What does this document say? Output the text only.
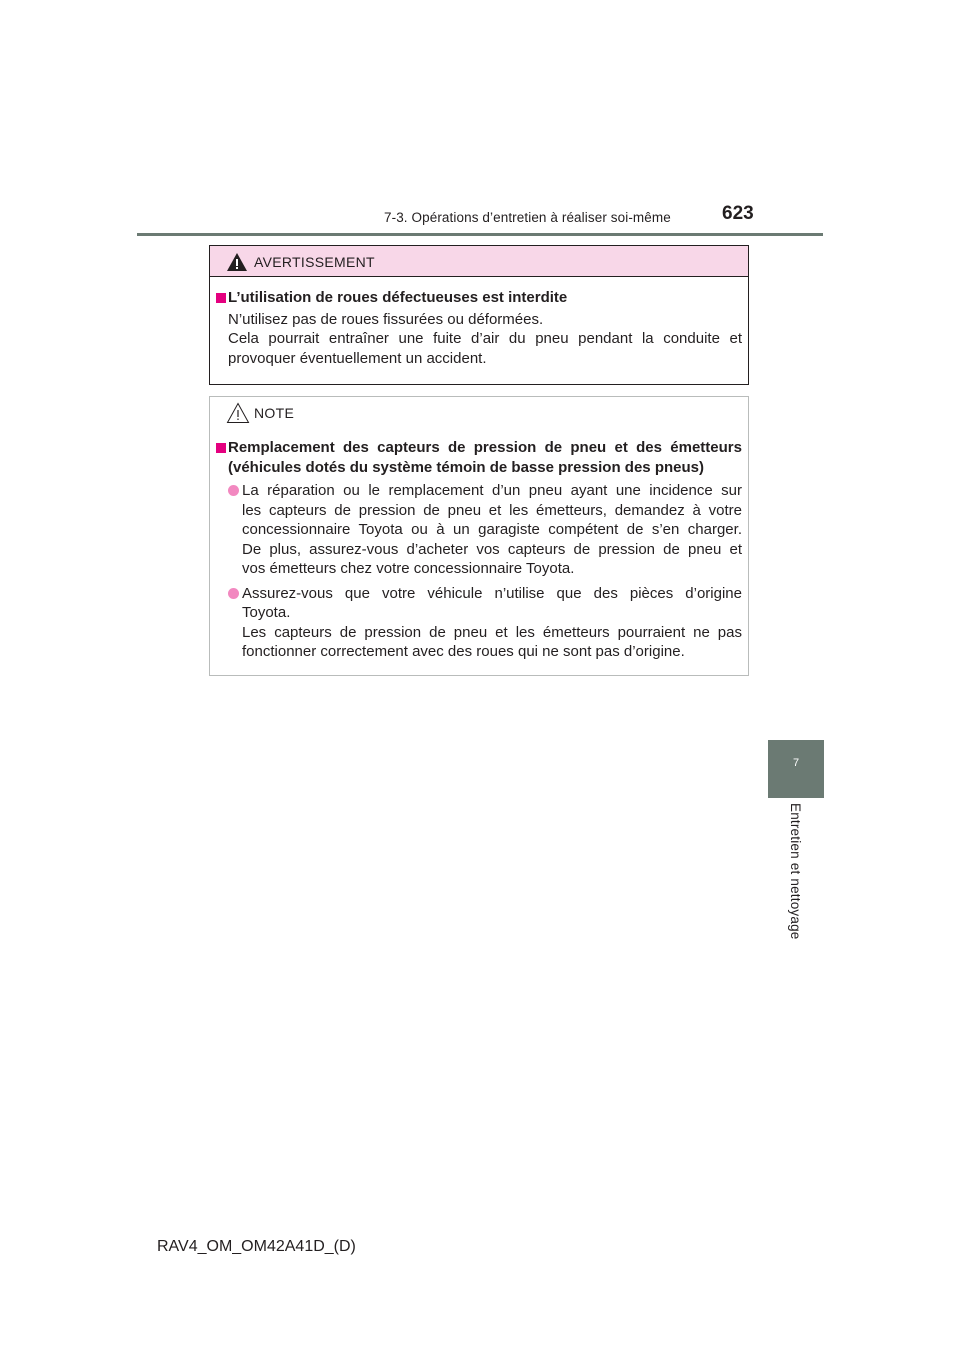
7-3. Opérations d’entretien à réaliser soi-même	623
7
Entretien et nettoyage
AVERTISSEMENT
L’utilisation de roues défectueuses est interdite
N’utilisez pas de roues fissurées ou déformées.
Cela pourrait entraîner une fuite d’air du pneu pendant la conduite et
provoquer éventuellement un accident.
NOTE
Remplacement des capteurs de pression de pneu et des émetteurs
(véhicules dotés du système témoin de basse pression des pneus)
La réparation ou le remplacement d’un pneu ayant une incidence sur
les capteurs de pression de pneu et les émetteurs, demandez à votre
concessionnaire Toyota ou à un garagiste compétent de s’en charger.
De plus, assurez-vous d’acheter vos capteurs de pression de pneu et
vos émetteurs chez votre concessionnaire Toyota.
Assurez-vous que votre véhicule n’utilise que des pièces d’origine
Toyota.
Les capteurs de pression de pneu et les émetteurs pourraient ne pas
fonctionner correctement avec des roues qui ne sont pas d’origine.
RAV4_OM_OM42A41D_(D)
